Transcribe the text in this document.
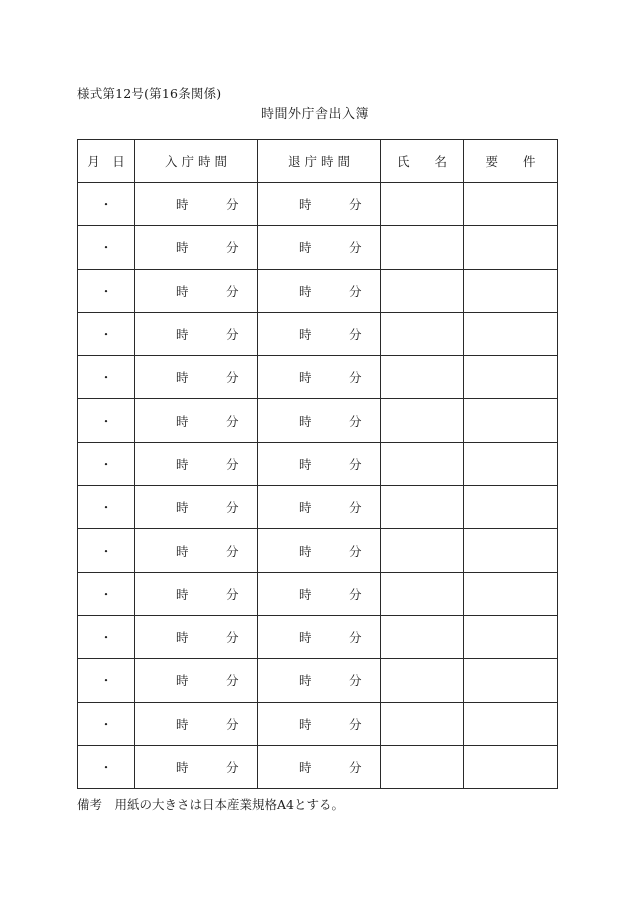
様式第12号(第16条関係)
時間外庁舎出入簿
月　日	入 庁 時 間	退 庁 時 間	氏　　名	要　　件
・	時 分	時 分		

・	時 分	時 分		

・	時 分	時 分		

・	時 分	時 分		

・	時 分	時 分		

・	時 分	時 分		

・	時 分	時 分		

・	時 分	時 分		

・	時 分	時 分		

・	時 分	時 分		

・	時 分	時 分		

・	時 分	時 分		

・	時 分	時 分		

・	時 分	時 分		

備考　用紙の大きさは日本産業規格A4とする。
